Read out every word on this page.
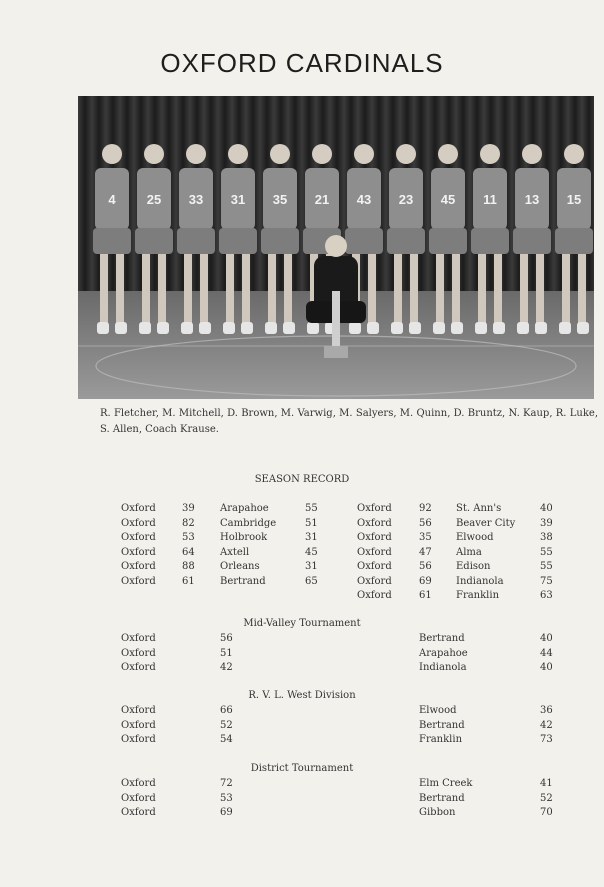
OXFORD CARDINALS
4 25 33 31 35 21 43 23 45 11 13 15
R. Fletcher, M. Mitchell, D. Brown, M. Varwig, M. Salyers, M. Quinn, D. Bruntz, N. Kaup, R. Luke, S. Allen, Coach Krause.
SEASON RECORD
Oxford	39	Arapahoe	55
Oxford	82	Cambridge	51
Oxford	53	Holbrook	31
Oxford	64	Axtell	45
Oxford	88	Orleans	31
Oxford	61	Bertrand	65
Oxford	92 St. Ann's	40
Oxford	56 Beaver City 39
Oxford	35 Elwood	38
Oxford	47 Alma	55
Oxford	56 Edison	55
Oxford	69 Indianola	75
Oxford	61 Franklin	63
Mid-Valley Tournament
Oxford	56	Bertrand	40
Oxford	51	Arapahoe	44
Oxford	42	Indianola	40
R. V. L. West Division
Oxford	66	Elwood	36
Oxford	52	Bertrand	42
Oxford	54	Franklin	73
District Tournament
Oxford	72	Elm Creek	41
Oxford	53	Bertrand	52
Oxford	69	Gibbon	70
